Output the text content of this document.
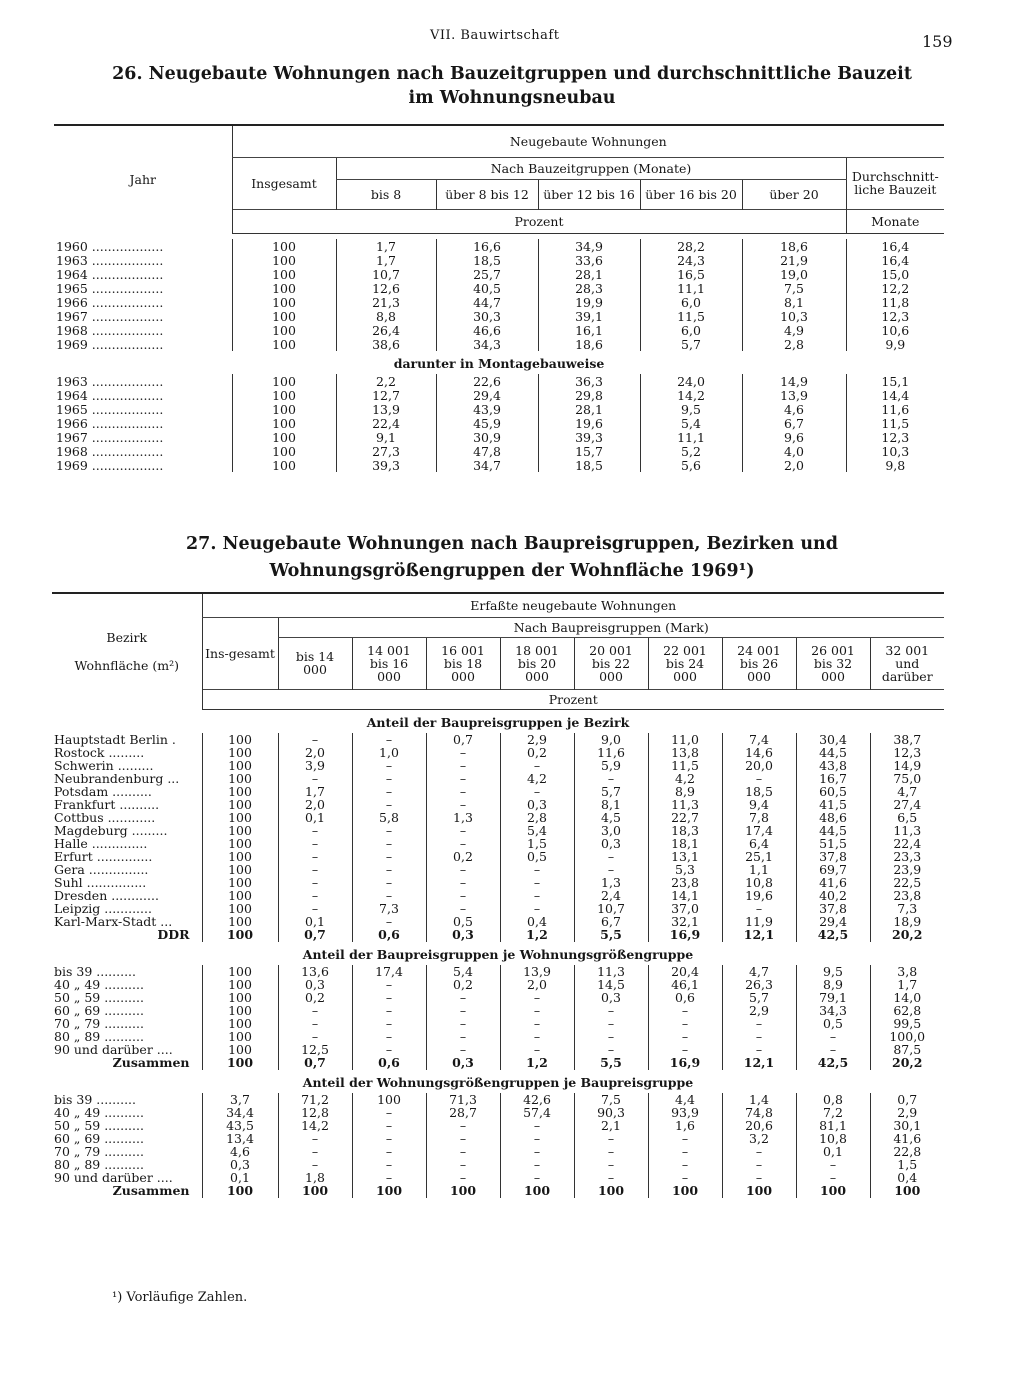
VII. Bauwirtschaft	159
26. Neugebaute Wohnungen nach Bauzeitgruppen und durchschnittliche Bauzeit
im Wohnungsneubau
Jahr	Neugebaute Wohnungen						
	Insgesamt	Nach Bauzeitgruppen (Monate)					Durchschnitt-liche Bauzeit
		bis 8	über 8 bis 12	über 12 bis 16	über 16 bis 20	über 20	
	Prozent						Monate

1960 ..................	100	1,7	16,6	34,9	28,2	18,6	16,4
1963 ..................	100	1,7	18,5	33,6	24,3	21,9	16,4
1964 ..................	100	10,7	25,7	28,1	16,5	19,0	15,0
1965 ..................	100	12,6	40,5	28,3	11,1	7,5	12,2
1966 ..................	100	21,3	44,7	19,9	6,0	8,1	11,8
1967 ..................	100	8,8	30,3	39,1	11,5	10,3	12,3
1968 ..................	100	26,4	46,6	16,1	6,0	4,9	10,6
1969 ..................	100	38,6	34,3	18,6	5,7	2,8	9,9
darunter in Montagebauweise							
1963 ..................	100	2,2	22,6	36,3	24,0	14,9	15,1
1964 ..................	100	12,7	29,4	29,8	14,2	13,9	14,4
1965 ..................	100	13,9	43,9	28,1	9,5	4,6	11,6
1966 ..................	100	22,4	45,9	19,6	5,4	6,7	11,5
1967 ..................	100	9,1	30,9	39,3	11,1	9,6	12,3
1968 ..................	100	27,3	47,8	15,7	5,2	4,0	10,3
1969 ..................	100	39,3	34,7	18,5	5,6	2,0	9,8
27. Neugebaute Wohnungen nach Baupreisgruppen, Bezirken und
Wohnungsgrößengruppen der Wohnfläche 1969¹)
Bezirk
Wohnfläche (m²)	Erfaßte neugebaute Wohnungen									
	Ins-gesamt	Nach Baupreisgruppen (Mark)								
		bis 14 000	14 001 bis 16 000	16 001 bis 18 000	18 001 bis 20 000	20 001 bis 22 000	22 001 bis 24 000	24 001 bis 26 000	26 001 bis 32 000	32 001 und darüber
	Prozent									
Anteil der Baupreisgruppen je Bezirk										
Hauptstadt Berlin .	100	–	–	0,7	2,9	9,0	11,0	7,4	30,4	38,7
Rostock .........	100	2,0	1,0	–	0,2	11,6	13,8	14,6	44,5	12,3
Schwerin .........	100	3,9	–	–	–	5,9	11,5	20,0	43,8	14,9
Neubrandenburg ...	100	–	–	–	4,2	–	4,2	–	16,7	75,0
Potsdam ..........	100	1,7	–	–	–	5,7	8,9	18,5	60,5	4,7
Frankfurt ..........	100	2,0	–	–	0,3	8,1	11,3	9,4	41,5	27,4
Cottbus ............	100	0,1	5,8	1,3	2,8	4,5	22,7	7,8	48,6	6,5
Magdeburg .........	100	–	–	–	5,4	3,0	18,3	17,4	44,5	11,3
Halle ..............	100	–	–	–	1,5	0,3	18,1	6,4	51,5	22,4
Erfurt ..............	100	–	–	0,2	0,5	–	13,1	25,1	37,8	23,3
Gera ...............	100	–	–	–	–	–	5,3	1,1	69,7	23,9
Suhl ...............	100	–	–	–	–	1,3	23,8	10,8	41,6	22,5
Dresden ............	100	–	–	–	–	2,4	14,1	19,6	40,2	23,8
Leipzig ............	100	–	7,3	–	–	10,7	37,0	–	37,8	7,3
Karl-Marx-Stadt ...	100	0,1	–	0,5	0,4	6,7	32,1	11,9	29,4	18,9
DDR	100	0,7	0,6	0,3	1,2	5,5	16,9	12,1	42,5	20,2
Anteil der Baupreisgruppen je Wohnungsgrößengruppe										
bis 39 ..........	100	13,6	17,4	5,4	13,9	11,3	20,4	4,7	9,5	3,8
40 „ 49 ..........	100	0,3	–	0,2	2,0	14,5	46,1	26,3	8,9	1,7
50 „ 59 ..........	100	0,2	–	–	–	0,3	0,6	5,7	79,1	14,0
60 „ 69 ..........	100	–	–	–	–	–	–	2,9	34,3	62,8
70 „ 79 ..........	100	–	–	–	–	–	–	–	0,5	99,5
80 „ 89 ..........	100	–	–	–	–	–	–	–	–	100,0
90 und darüber ....	100	12,5	–	–	–	–	–	–	–	87,5
Zusammen	100	0,7	0,6	0,3	1,2	5,5	16,9	12,1	42,5	20,2
Anteil der Wohnungsgrößengruppen je Baupreisgruppe										
bis 39 ..........	3,7	71,2	100	71,3	42,6	7,5	4,4	1,4	0,8	0,7
40 „ 49 ..........	34,4	12,8	–	28,7	57,4	90,3	93,9	74,8	7,2	2,9
50 „ 59 ..........	43,5	14,2	–	–	–	2,1	1,6	20,6	81,1	30,1
60 „ 69 ..........	13,4	–	–	–	–	–	–	3,2	10,8	41,6
70 „ 79 ..........	4,6	–	–	–	–	–	–	–	0,1	22,8
80 „ 89 ..........	0,3	–	–	–	–	–	–	–	–	1,5
90 und darüber ....	0,1	1,8	–	–	–	–	–	–	–	0,4
Zusammen	100	100	100	100	100	100	100	100	100	100
¹) Vorläufige Zahlen.
